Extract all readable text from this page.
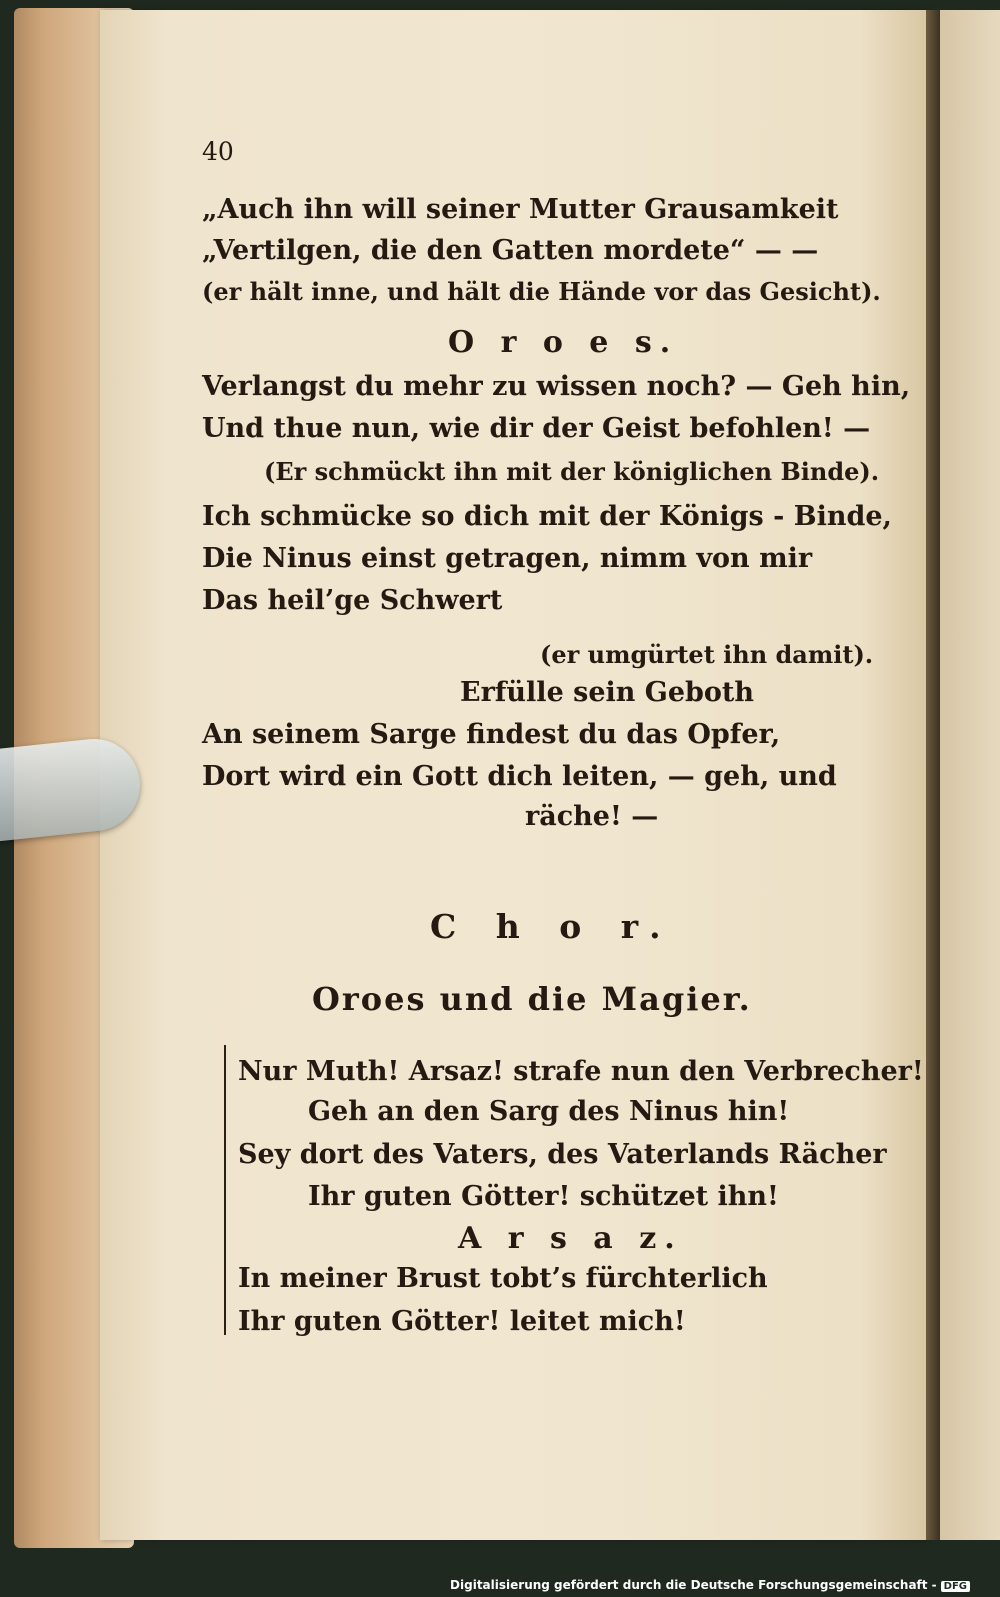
40
„Auch ihn will seiner Mutter Grausamkeit
„Vertilgen, die den Gatten mordete“ — —
(er hält inne, und hält die Hände vor das Gesicht).
O r o e s.
Verlangst du mehr zu wissen noch? — Geh hin,
Und thue nun, wie dir der Geist befohlen! —
(Er schmückt ihn mit der königlichen Binde).
Ich schmücke so dich mit der Königs - Binde,
Die Ninus einst getragen, nimm von mir
Das heil’ge Schwert
(er umgürtet ihn damit).
Erfülle sein Geboth
An seinem Sarge findest du das Opfer,
Dort wird ein Gott dich leiten, — geh, und
räche! —
C h o r.
Oroes und die Magier.
Nur Muth! Arsaz! strafe nun den Verbrecher!
Geh an den Sarg des Ninus hin!
Sey dort des Vaters, des Vaterlands Rächer
Ihr guten Götter! schützet ihn!
A r s a z.
In meiner Brust tobt’s fürchterlich
Ihr guten Götter! leitet mich!
Digitalisierung gefördert durch die Deutsche Forschungsgemeinschaft - DFG
